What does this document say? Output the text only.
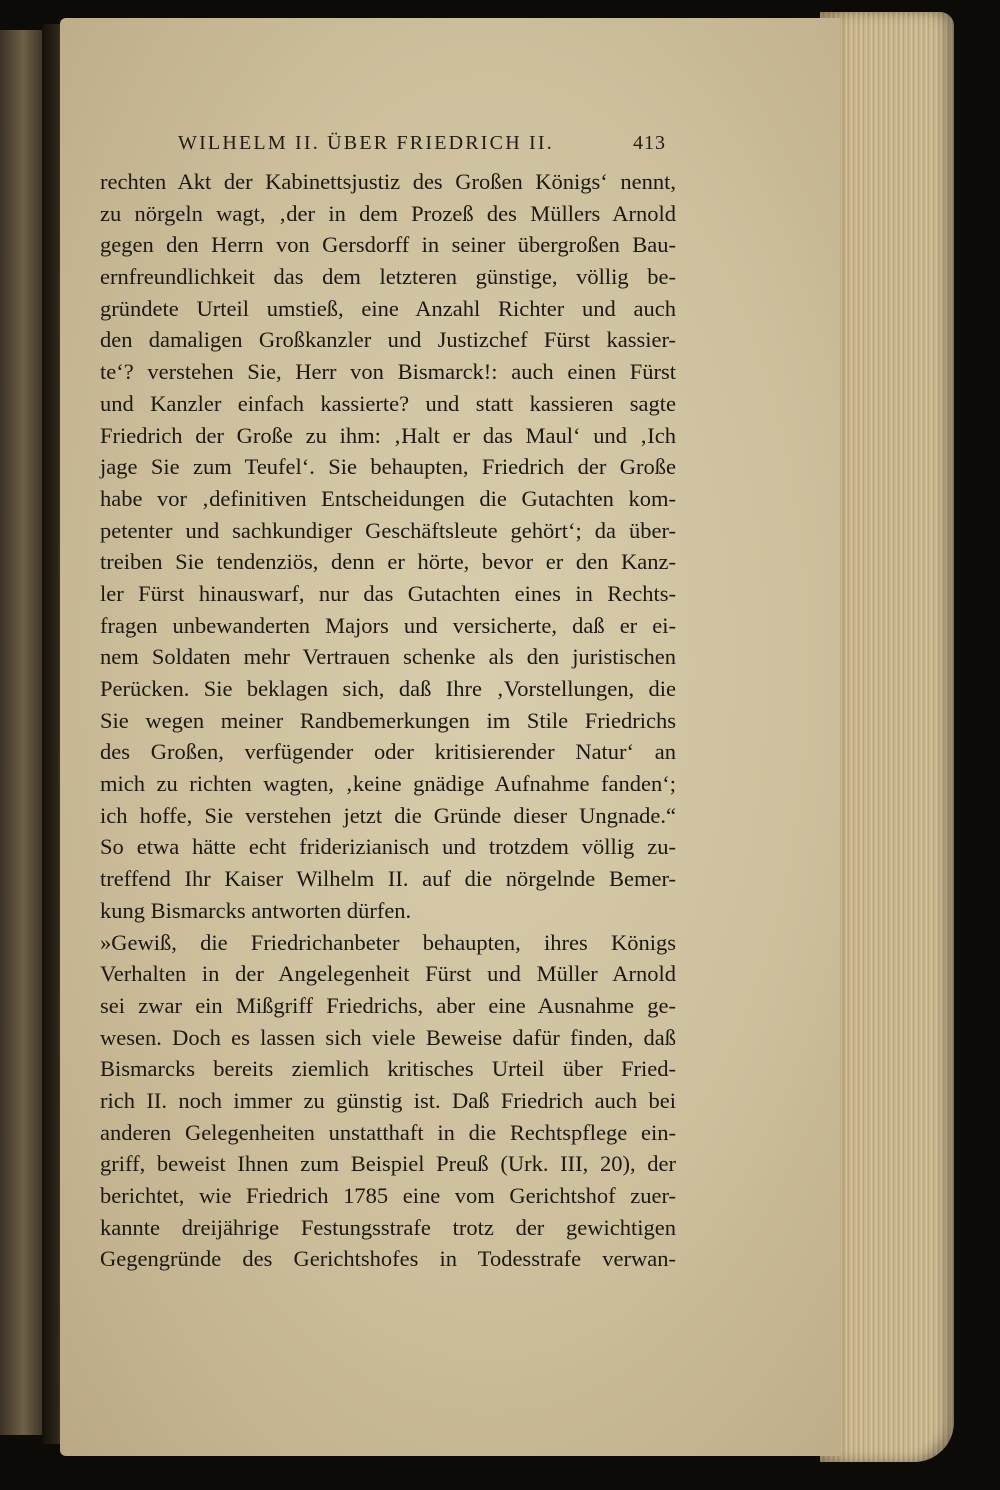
WILHELM II. ÜBER FRIEDRICH II.	413
rechten Akt der Kabinettsjustiz des Großen Königs‘ nennt,
zu nörgeln wagt, ‚der in dem Prozeß des Müllers Arnold
gegen den Herrn von Gersdorff in seiner übergroßen Bau-
ernfreundlichkeit das dem letzteren günstige, völlig be-
gründete Urteil umstieß, eine Anzahl Richter und auch
den damaligen Großkanzler und Justizchef Fürst kassier-
te‘? verstehen Sie, Herr von Bismarck!: auch einen Fürst
und Kanzler einfach kassierte? und statt kassieren sagte
Friedrich der Große zu ihm: ‚Halt er das Maul‘ und ‚Ich
jage Sie zum Teufel‘. Sie behaupten, Friedrich der Große
habe vor ‚definitiven Entscheidungen die Gutachten kom-
petenter und sachkundiger Geschäftsleute gehört‘; da über-
treiben Sie tendenziös, denn er hörte, bevor er den Kanz-
ler Fürst hinauswarf, nur das Gutachten eines in Rechts-
fragen unbewanderten Majors und versicherte, daß er ei-
nem Soldaten mehr Vertrauen schenke als den juristischen
Perücken. Sie beklagen sich, daß Ihre ‚Vorstellungen, die
Sie wegen meiner Randbemerkungen im Stile Friedrichs
des Großen, verfügender oder kritisierender Natur‘ an
mich zu richten wagten, ‚keine gnädige Aufnahme fanden‘;
ich hoffe, Sie verstehen jetzt die Gründe dieser Ungnade.“
So etwa hätte echt friderizianisch und trotzdem völlig zu-
treffend Ihr Kaiser Wilhelm II. auf die nörgelnde Bemer-
kung Bismarcks antworten dürfen.
»Gewiß, die Friedrichanbeter behaupten, ihres Königs
Verhalten in der Angelegenheit Fürst und Müller Arnold
sei zwar ein Mißgriff Friedrichs, aber eine Ausnahme ge-
wesen. Doch es lassen sich viele Beweise dafür finden, daß
Bismarcks bereits ziemlich kritisches Urteil über Fried-
rich II. noch immer zu günstig ist. Daß Friedrich auch bei
anderen Gelegenheiten unstatthaft in die Rechtspflege ein-
griff, beweist Ihnen zum Beispiel Preuß (Urk. III, 20), der
berichtet, wie Friedrich 1785 eine vom Gerichtshof zuer-
kannte dreijährige Festungsstrafe trotz der gewichtigen
Gegengründe des Gerichtshofes in Todesstrafe verwan-
